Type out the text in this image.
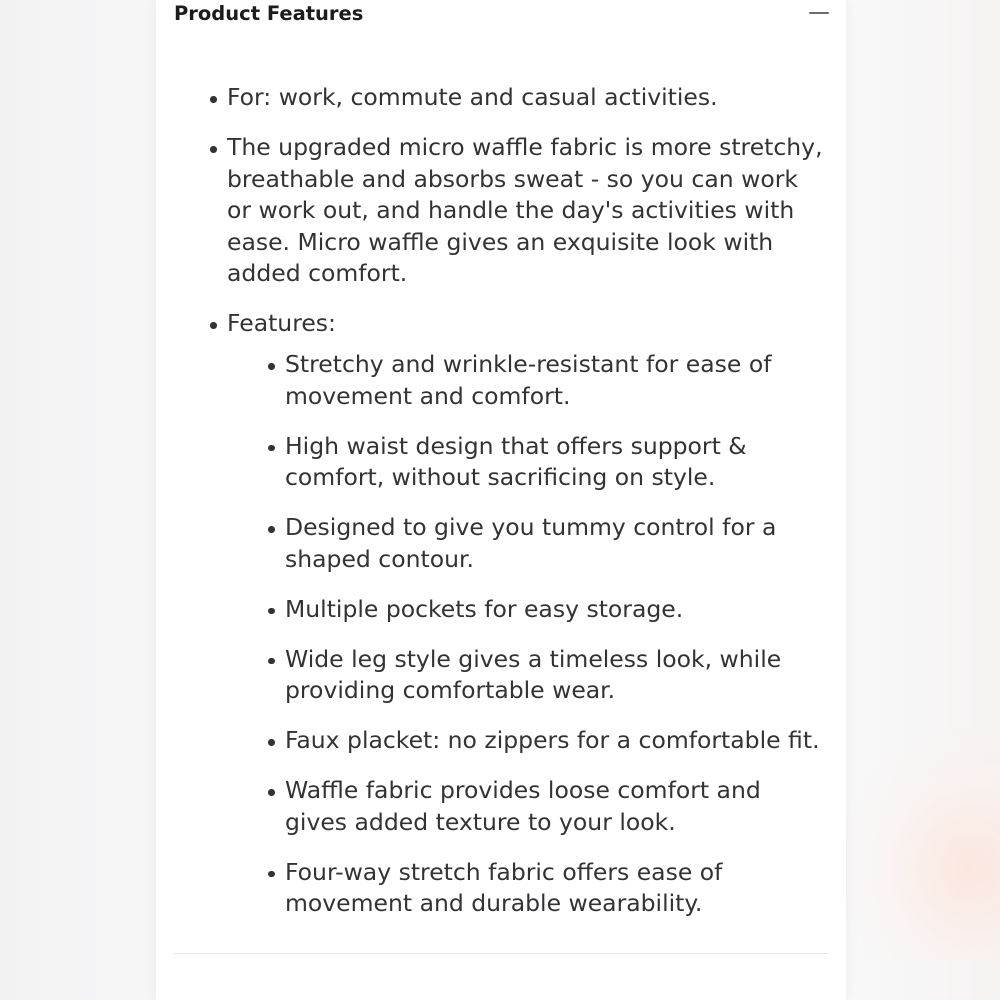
Product Features
For: work, commute and casual activities.
The upgraded micro waffle fabric is more stretchy, breathable and absorbs sweat - so you can work or work out, and handle the day's activities with ease. Micro waffle gives an exquisite look with added comfort.
Features:
Stretchy and wrinkle-resistant for ease of movement and comfort.
High waist design that offers support & comfort, without sacrificing on style.
Designed to give you tummy control for a shaped contour.
Multiple pockets for easy storage.
Wide leg style gives a timeless look, while providing comfortable wear.
Faux placket: no zippers for a comfortable fit.
Waffle fabric provides loose comfort and gives added texture to your look.
Four-way stretch fabric offers ease of movement and durable wearability.
